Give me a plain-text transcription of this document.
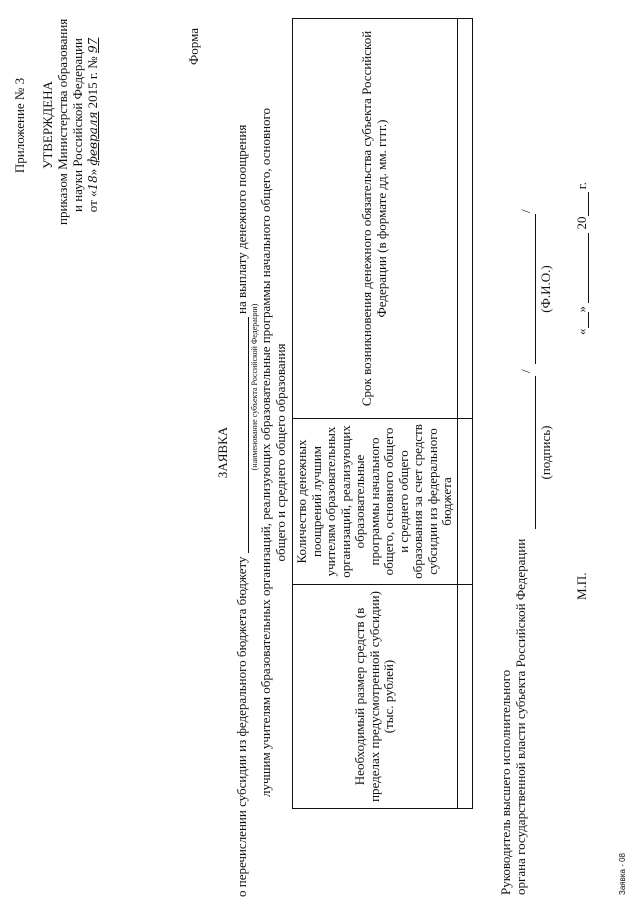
Приложение № 3 УТВЕРЖДЕНА приказом Министерства образования и науки Российской Федерации от «18» февраля 2015 г. № 97	Форма
ЗАЯВКА
о перечислении субсидии из федерального бюджета бюджету  на выплату денежного поощрения
(наименование субъекта Российской Федерации) лучшим учителям образовательных организаций, реализующих образовательные программы начального общего, основного общего и среднего общего образования
Необходимый размер средств (в пределах предусмотренной субсидии) (тыс. рублей)	Количество денежных поощрений лучшим учителям образовательных организаций, реализующих образовательные программы начального общего, основного общего и среднего общего образования за счет средств субсидии из федерального бюджета	Срок возникновения денежного обязательства субъекта Российской Федерации (в формате дд. мм. гггг.)

Руководитель высшего исполнительного органа государственной власти субъекта Российской Федерации
(подпись)
/
(Ф.И.О.)
/
М.П.
«»  20 г.
Заявка - 08
